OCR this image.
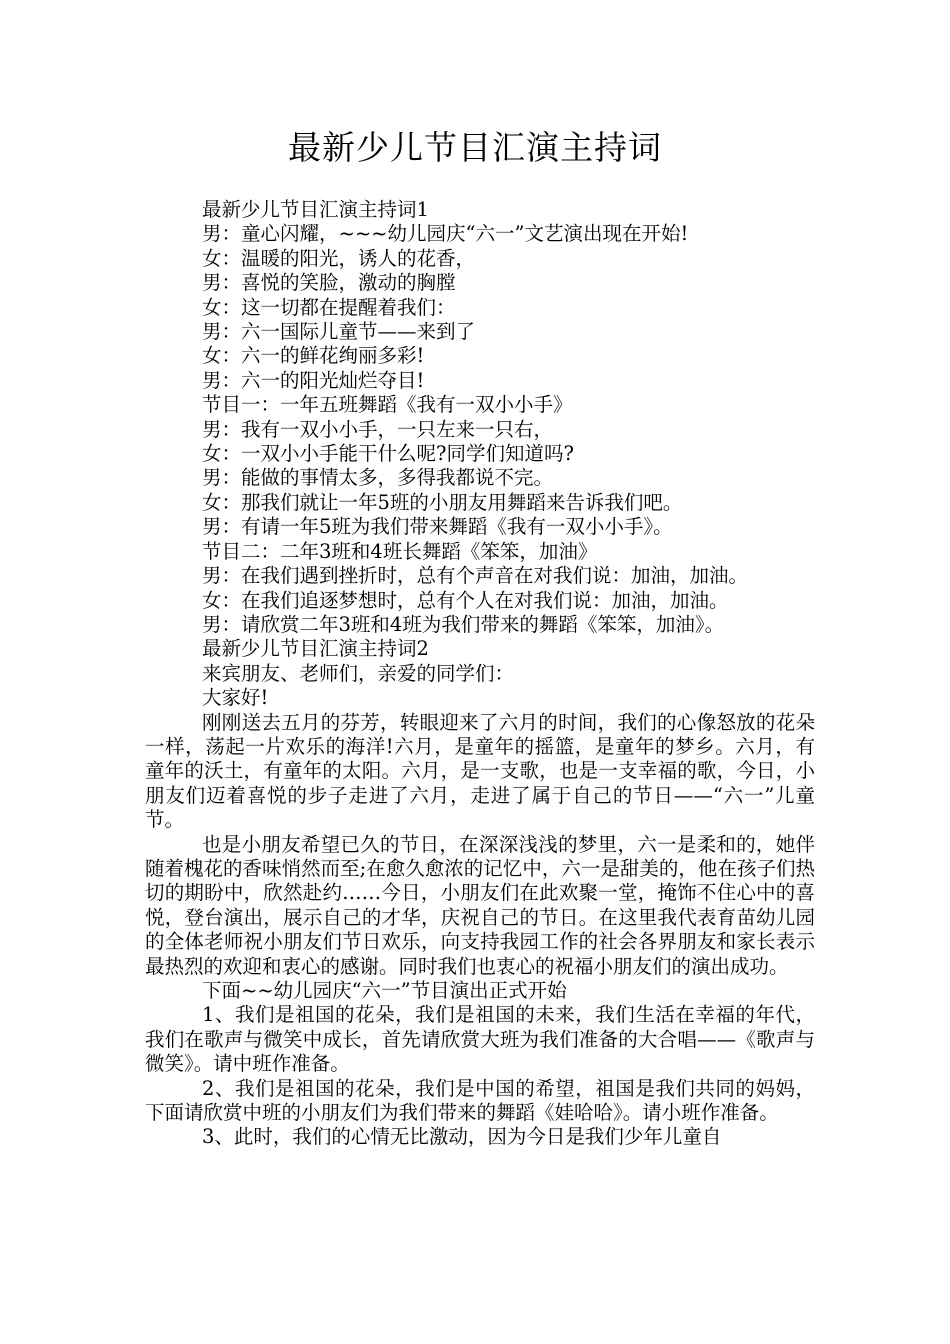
最新少儿节目汇演主持词

最新少儿节目汇演主持词1

男：童心闪耀，~~~幼儿园庆“六一”文艺演出现在开始!

女：温暖的阳光，诱人的花香，

男：喜悦的笑脸，激动的胸膛

女：这一切都在提醒着我们：

男：六一国际儿童节——来到了

女：六一的鲜花绚丽多彩!

男：六一的阳光灿烂夺目!

节目一：一年五班舞蹈《我有一双小小手》

男：我有一双小小手，一只左来一只右，

女：一双小小手能干什么呢?同学们知道吗?

男：能做的事情太多，多得我都说不完。

女：那我们就让一年5班的小朋友用舞蹈来告诉我们吧。

男：有请一年5班为我们带来舞蹈《我有一双小小手》。

节目二：二年3班和4班长舞蹈《笨笨，加油》

男：在我们遇到挫折时，总有个声音在对我们说：加油，加油。

女：在我们追逐梦想时，总有个人在对我们说：加油，加油。

男：请欣赏二年3班和4班为我们带来的舞蹈《笨笨，加油》。

最新少儿节目汇演主持词2

来宾朋友、老师们，亲爱的同学们：

大家好!

刚刚送去五月的芬芳，转眼迎来了六月的时间，我们的心像怒放的花朵一样，荡起一片欢乐的海洋!六月，是童年的摇篮，是童年的梦乡。六月，有童年的沃土，有童年的太阳。六月，是一支歌，也是一支幸福的歌，今日，小朋友们迈着喜悦的步子走进了六月，走进了属于自己的节日——“六一”儿童节。

也是小朋友希望已久的节日，在深深浅浅的梦里，六一是柔和的，她伴随着槐花的香味悄然而至;在愈久愈浓的记忆中，六一是甜美的，他在孩子们热切的期盼中，欣然赴约……今日，小朋友们在此欢聚一堂，掩饰不住心中的喜悦，登台演出，展示自己的才华，庆祝自己的节日。在这里我代表育苗幼儿园的全体老师祝小朋友们节日欢乐，向支持我园工作的社会各界朋友和家长表示最热烈的欢迎和衷心的感谢。同时我们也衷心的祝福小朋友们的演出成功。

下面~~幼儿园庆“六一”节目演出正式开始

1、我们是祖国的花朵，我们是祖国的未来，我们生活在幸福的年代，我们在歌声与微笑中成长，首先请欣赏大班为我们准备的大合唱——《歌声与微笑》。请中班作准备。

2、我们是祖国的花朵，我们是中国的希望，祖国是我们共同的妈妈，下面请欣赏中班的小朋友们为我们带来的舞蹈《娃哈哈》。请小班作准备。

3、此时，我们的心情无比激动，因为今日是我们少年儿童自
